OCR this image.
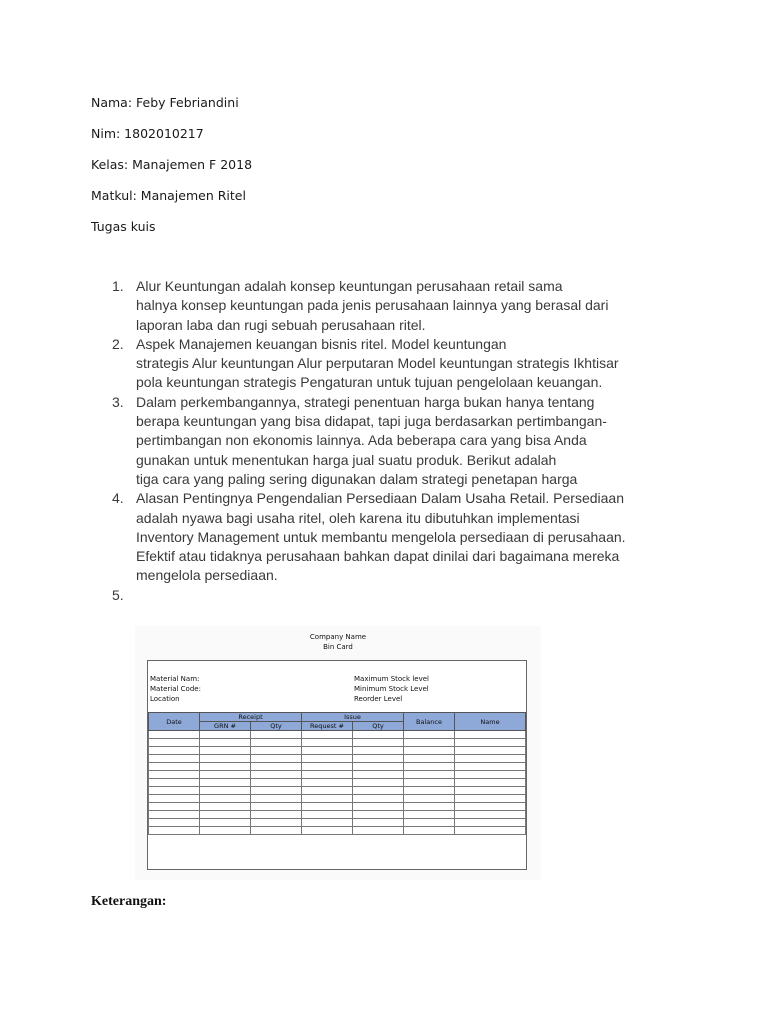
Nama: Feby Febriandini
Nim: 1802010217
Kelas: Manajemen F 2018
Matkul: Manajemen Ritel
Tugas kuis
1. Alur Keuntungan adalah konsep keuntungan perusahaan retail sama
halnya konsep keuntungan pada jenis perusahaan lainnya yang berasal dari
laporan laba dan rugi sebuah perusahaan ritel.
2. Aspek Manajemen keuangan bisnis ritel. Model keuntungan
strategis Alur keuntungan Alur perputaran Model keuntungan strategis Ikhtisar
pola keuntungan strategis Pengaturan untuk tujuan pengelolaan keuangan.
3. Dalam perkembangannya, strategi penentuan harga bukan hanya tentang
berapa keuntungan yang bisa didapat, tapi juga berdasarkan pertimbangan-
pertimbangan non ekonomis lainnya. Ada beberapa cara yang bisa Anda
gunakan untuk menentukan harga jual suatu produk. Berikut adalah
tiga cara yang paling sering digunakan dalam strategi penetapan harga
4. Alasan Pentingnya Pengendalian Persediaan Dalam Usaha Retail. Persediaan
adalah nyawa bagi usaha ritel, oleh karena itu dibutuhkan implementasi
Inventory Management untuk membantu mengelola persediaan di perusahaan.
Efektif atau tidaknya perusahaan bahkan dapat dinilai dari bagaimana mereka
mengelola persediaan.
5.
Company Name
Bin Card
Material Nam:
Material Code:
Location
Maximum Stock level
Minimum Stock Level
Reorder Level
Date	Receipt		Issue		Balance	Name
	GRN #	Qty	Request #	Qty		

Keterangan:
